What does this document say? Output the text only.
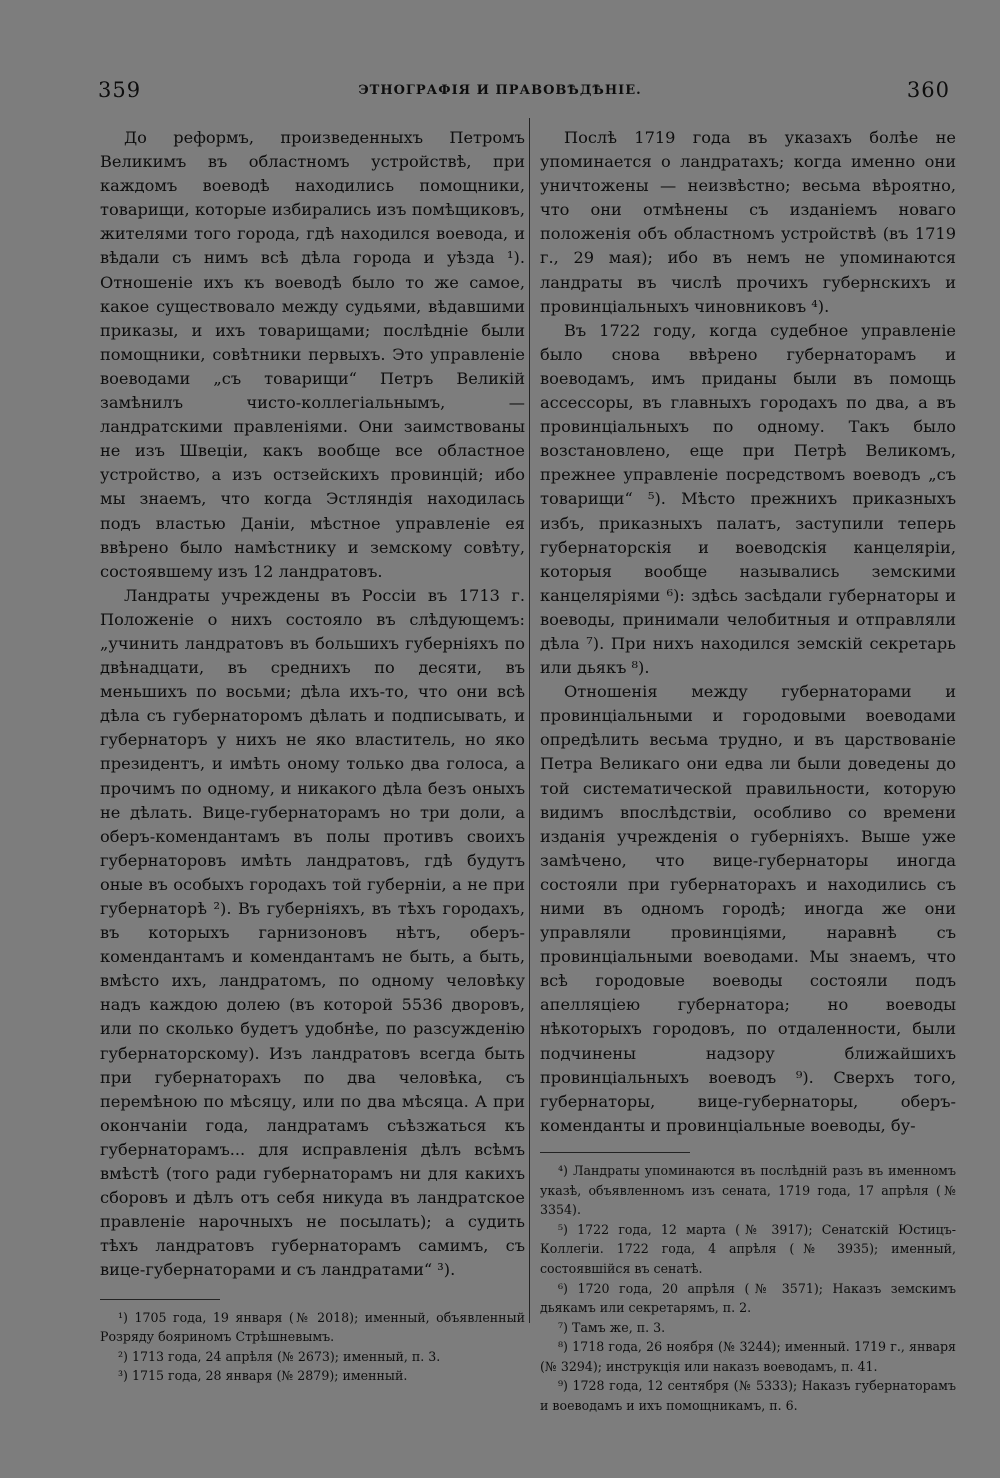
359	ЭТНОГРАФІЯ И ПРАВОВѢДѢНІЕ.	360

До реформъ, произведенныхъ Петромъ Великимъ въ областномъ устройствѣ, при каждомъ воеводѣ находились помощники, товарищи, которые избирались изъ помѣщиковъ, жителями того города, гдѣ находился воевода, и вѣдали съ нимъ всѣ дѣла города и уѣзда ¹). Отношеніе ихъ къ воеводѣ было то же самое, какое существовало между судьями, вѣдавшими приказы, и ихъ товарищами; послѣдніе были помощники, совѣтники первыхъ. Это управленіе воеводами „съ товарищи“ Петръ Великій замѣнилъ чисто-коллегіальнымъ, — ландратскими правленіями. Они заимствованы не изъ Швеціи, какъ вообще все областное устройство, а изъ остзейскихъ провинцій; ибо мы знаемъ, что когда Эстляндія находилась подъ властью Даніи, мѣстное управленіе ея ввѣрено было намѣстнику и земскому совѣту, состоявшему изъ 12 ландратовъ.

Ландраты учреждены въ Россіи въ 1713 г. Положеніе о нихъ состояло въ слѣдующемъ: „учинить ландратовъ въ большихъ губерніяхъ по двѣнадцати, въ среднихъ по десяти, въ меньшихъ по восьми; дѣла ихъ-то, что они всѣ дѣла съ губернаторомъ дѣлать и подписывать, и губернаторъ у нихъ не яко властитель, но яко президентъ, и имѣть оному только два голоса, а прочимъ по одному, и никакого дѣла безъ оныхъ не дѣлать. Вице-губернаторамъ но три доли, а оберъ-комендантамъ въ полы противъ своихъ губернаторовъ имѣть ландратовъ, гдѣ будутъ оные въ особыхъ городахъ той губерніи, а не при губернаторѣ ²). Въ губерніяхъ, въ тѣхъ городахъ, въ которыхъ гарнизоновъ нѣтъ, оберъ-комендантамъ и комендантамъ не быть, а быть, вмѣсто ихъ, ландратомъ, по одному человѣку надъ каждою долею (въ которой 5536 дворовъ, или по сколько будетъ удобнѣе, по разсужденію губернаторскому). Изъ ландратовъ всегда быть при губернаторахъ по два человѣка, съ перемѣною по мѣсяцу, или по два мѣсяца. А при окончаніи года, ландратамъ съѣзжаться къ губернаторамъ... для исправленія дѣлъ всѣмъ вмѣстѣ (того ради губернаторамъ ни для какихъ сборовъ и дѣлъ отъ себя никуда въ ландратское правленіе нарочныхъ не посылать); а судить тѣхъ ландратовъ губернаторамъ самимъ, съ вице-губернаторами и съ ландратами“ ³).

¹) 1705 года, 19 января (№ 2018); именный, объявленный Розряду бояриномъ Стрѣшневымъ.

²) 1713 года, 24 апрѣля (№ 2673); именный, п. 3.

³) 1715 года, 28 января (№ 2879); именный.

Послѣ 1719 года въ указахъ болѣе не упоминается о ландратахъ; когда именно они уничтожены — неизвѣстно; весьма вѣроятно, что они отмѣнены съ изданіемъ новаго положенія объ областномъ устройствѣ (въ 1719 г., 29 мая); ибо въ немъ не упоминаются ландраты въ числѣ прочихъ губернскихъ и провинціальныхъ чиновниковъ ⁴).

Въ 1722 году, когда судебное управленіе было снова ввѣрено губернаторамъ и воеводамъ, имъ приданы были въ помощь ассессоры, въ главныхъ городахъ по два, а въ провинціальныхъ по одному. Такъ было возстановлено, еще при Петрѣ Великомъ, прежнее управленіе посредствомъ воеводъ „съ товарищи“ ⁵). Мѣсто прежнихъ приказныхъ избъ, приказныхъ палатъ, заступили теперь губернаторскія и воеводскія канцеляріи, которыя вообще назывались земскими канцеляріями ⁶): здѣсь засѣдали губернаторы и воеводы, принимали челобитныя и отправляли дѣла ⁷). При нихъ находился земскій секретарь или дьякъ ⁸).

Отношенія между губернаторами и провинціальными и городовыми воеводами опредѣлить весьма трудно, и въ царствованіе Петра Великаго они едва ли были доведены до той систематической правильности, которую видимъ впослѣдствіи, особливо со времени изданія учрежденія о губерніяхъ. Выше уже замѣчено, что вице-губернаторы иногда состояли при губернаторахъ и находились съ ними въ одномъ городѣ; иногда же они управляли провинціями, наравнѣ съ провинціальными воеводами. Мы знаемъ, что всѣ городовые воеводы состояли подъ апелляціею губернатора; но воеводы нѣкоторыхъ городовъ, по отдаленности, были подчинены надзору ближайшихъ провинціальныхъ воеводъ ⁹). Сверхъ того, губернаторы, вице-губернаторы, оберъ-коменданты и провинціальные воеводы, бу-

⁴) Ландраты упоминаются въ послѣдній разъ въ именномъ указѣ, объявленномъ изъ сената, 1719 года, 17 апрѣля (№ 3354).

⁵) 1722 года, 12 марта (№ 3917); Сенатскій Юстицъ-Коллегіи. 1722 года, 4 апрѣля (№ 3935); именный, состоявшійся въ сенатѣ.

⁶) 1720 года, 20 апрѣля (№ 3571); Наказъ земскимъ дьякамъ или секретарямъ, п. 2.

⁷) Тамъ же, п. 3.

⁸) 1718 года, 26 ноября (№ 3244); именный. 1719 г., января (№ 3294); инструкція или наказъ воеводамъ, п. 41.

⁹) 1728 года, 12 сентября (№ 5333); Наказъ губернаторамъ и воеводамъ и ихъ помощникамъ, п. 6.
